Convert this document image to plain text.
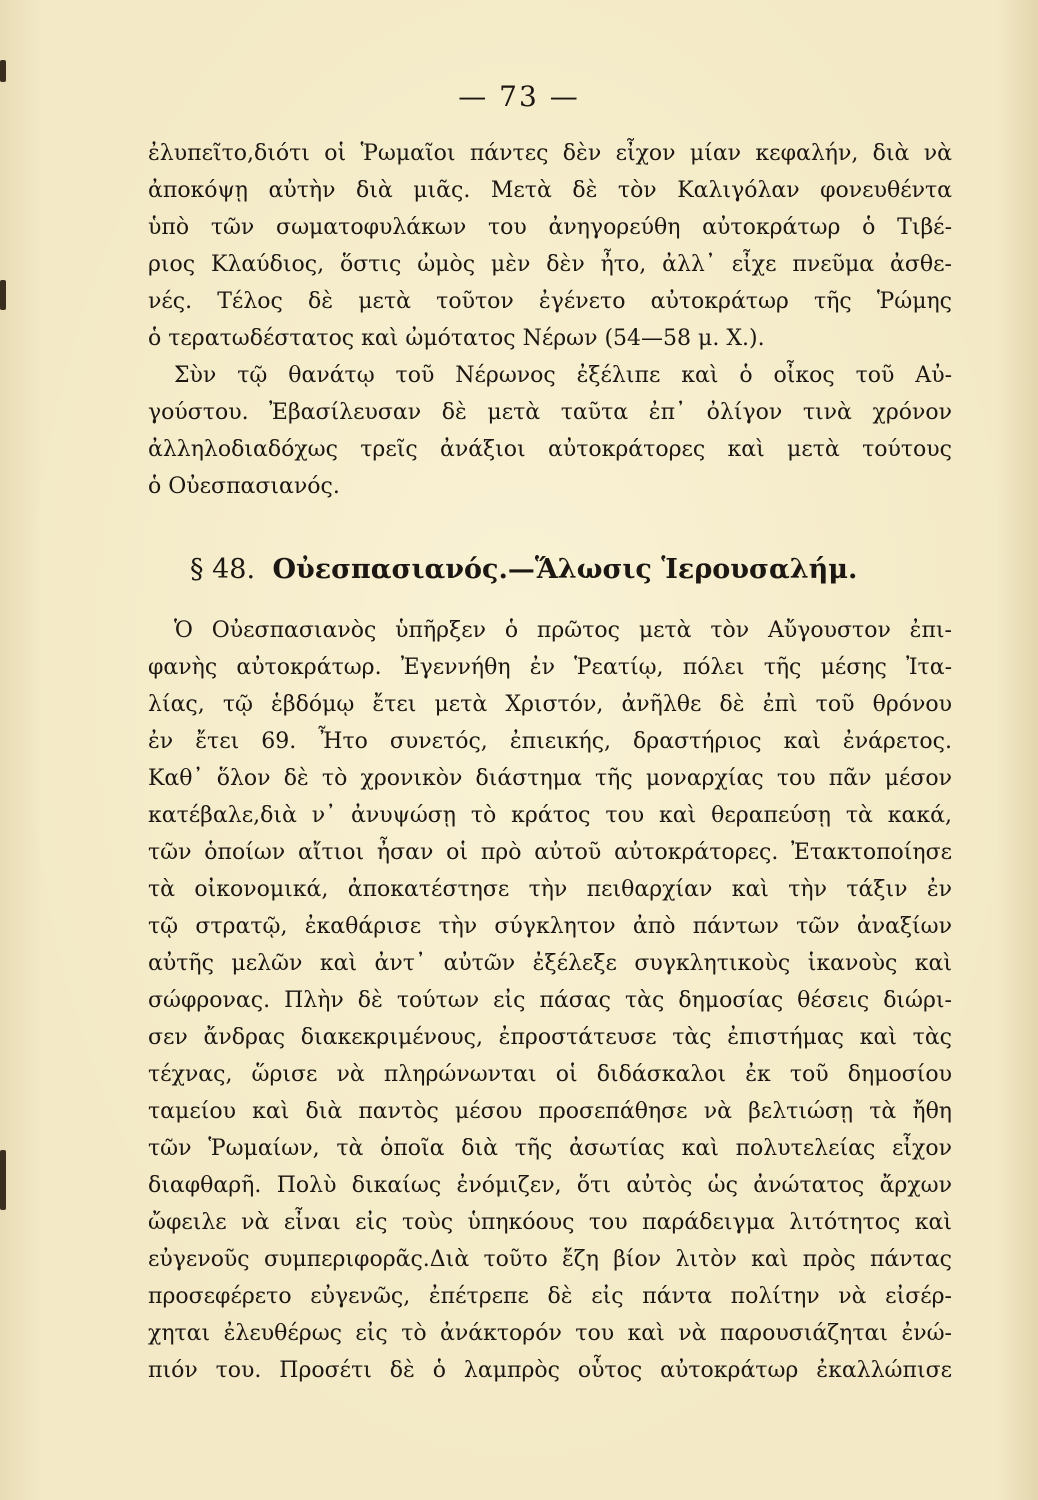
— 73 —
ἐλυπεῖτο,διότι οἱ Ῥωμαῖοι πάντες δὲν εἶχον μίαν κεφαλήν, διὰ νὰ
ἀποκόψῃ αὐτὴν διὰ μιᾶς. Μετὰ δὲ τὸν Καλιγόλαν φονευθέντα
ὑπὸ τῶν σωματοφυλάκων του ἀνηγορεύθη αὐτοκράτωρ ὁ Τιβέ-
ριος Κλαύδιος, ὅστις ὠμὸς μὲν δὲν ἦτο, ἀλλ᾿ εἶχε πνεῦμα ἀσθε-
νές. Τέλος δὲ μετὰ τοῦτον ἐγένετο αὐτοκράτωρ τῆς Ῥώμης
ὁ τερατωδέστατος καὶ ὠμότατος Νέρων (54—58 μ. Χ.).
Σὺν τῷ θανάτῳ τοῦ Νέρωνος ἐξέλιπε καὶ ὁ οἶκος τοῦ Αὐ-
γούστου. Ἐβασίλευσαν δὲ μετὰ ταῦτα ἐπ᾿ ὀλίγον τινὰ χρόνον
ἀλληλοδιαδόχως τρεῖς ἀνάξιοι αὐτοκράτορες καὶ μετὰ τούτους
ὁ Οὐεσπασιανός.
§ 48. Οὐεσπασιανός.—Ἅλωσις Ἱερουσαλήμ.
Ὁ Οὐεσπασιανὸς ὑπῆρξεν ὁ πρῶτος μετὰ τὸν Αὔγουστον ἐπι-
φανὴς αὐτοκράτωρ. Ἐγεννήθη ἐν Ῥεατίῳ, πόλει τῆς μέσης Ἰτα-
λίας, τῷ ἑβδόμῳ ἔτει μετὰ Χριστόν, ἀνῆλθε δὲ ἐπὶ τοῦ θρόνου
ἐν ἔτει 69. Ἦτο συνετός, ἐπιεικής, δραστήριος καὶ ἐνάρετος.
Καθ᾿ ὅλον δὲ τὸ χρονικὸν διάστημα τῆς μοναρχίας του πᾶν μέσον
κατέβαλε,διὰ ν᾿ ἀνυψώσῃ τὸ κράτος του καὶ θεραπεύσῃ τὰ κακά,
τῶν ὁποίων αἴτιοι ἦσαν οἱ πρὸ αὐτοῦ αὐτοκράτορες. Ἐτακτοποίησε
τὰ οἰκονομικά, ἀποκατέστησε τὴν πειθαρχίαν καὶ τὴν τάξιν ἐν
τῷ στρατῷ, ἐκαθάρισε τὴν σύγκλητον ἀπὸ πάντων τῶν ἀναξίων
αὐτῆς μελῶν καὶ ἀντ᾿ αὐτῶν ἐξέλεξε συγκλητικοὺς ἱκανοὺς καὶ
σώφρονας. Πλὴν δὲ τούτων εἰς πάσας τὰς δημοσίας θέσεις διώρι-
σεν ἄνδρας διακεκριμένους, ἐπροστάτευσε τὰς ἐπιστήμας καὶ τὰς
τέχνας, ὥρισε νὰ πληρώνωνται οἱ διδάσκαλοι ἐκ τοῦ δημοσίου
ταμείου καὶ διὰ παντὸς μέσου προσεπάθησε νὰ βελτιώσῃ τὰ ἤθη
τῶν Ῥωμαίων, τὰ ὁποῖα διὰ τῆς ἀσωτίας καὶ πολυτελείας εἶχον
διαφθαρῆ. Πολὺ δικαίως ἐνόμιζεν, ὅτι αὐτὸς ὡς ἀνώτατος ἄρχων
ὤφειλε νὰ εἶναι εἰς τοὺς ὑπηκόους του παράδειγμα λιτότητος καὶ
εὐγενοῦς συμπεριφορᾶς.Διὰ τοῦτο ἔζη βίον λιτὸν καὶ πρὸς πάντας
προσεφέρετο εὐγενῶς, ἐπέτρεπε δὲ εἰς πάντα πολίτην νὰ εἰσέρ-
χηται ἐλευθέρως εἰς τὸ ἀνάκτορόν του καὶ νὰ παρουσιάζηται ἐνώ-
πιόν του. Προσέτι δὲ ὁ λαμπρὸς οὗτος αὐτοκράτωρ ἐκαλλώπισε
